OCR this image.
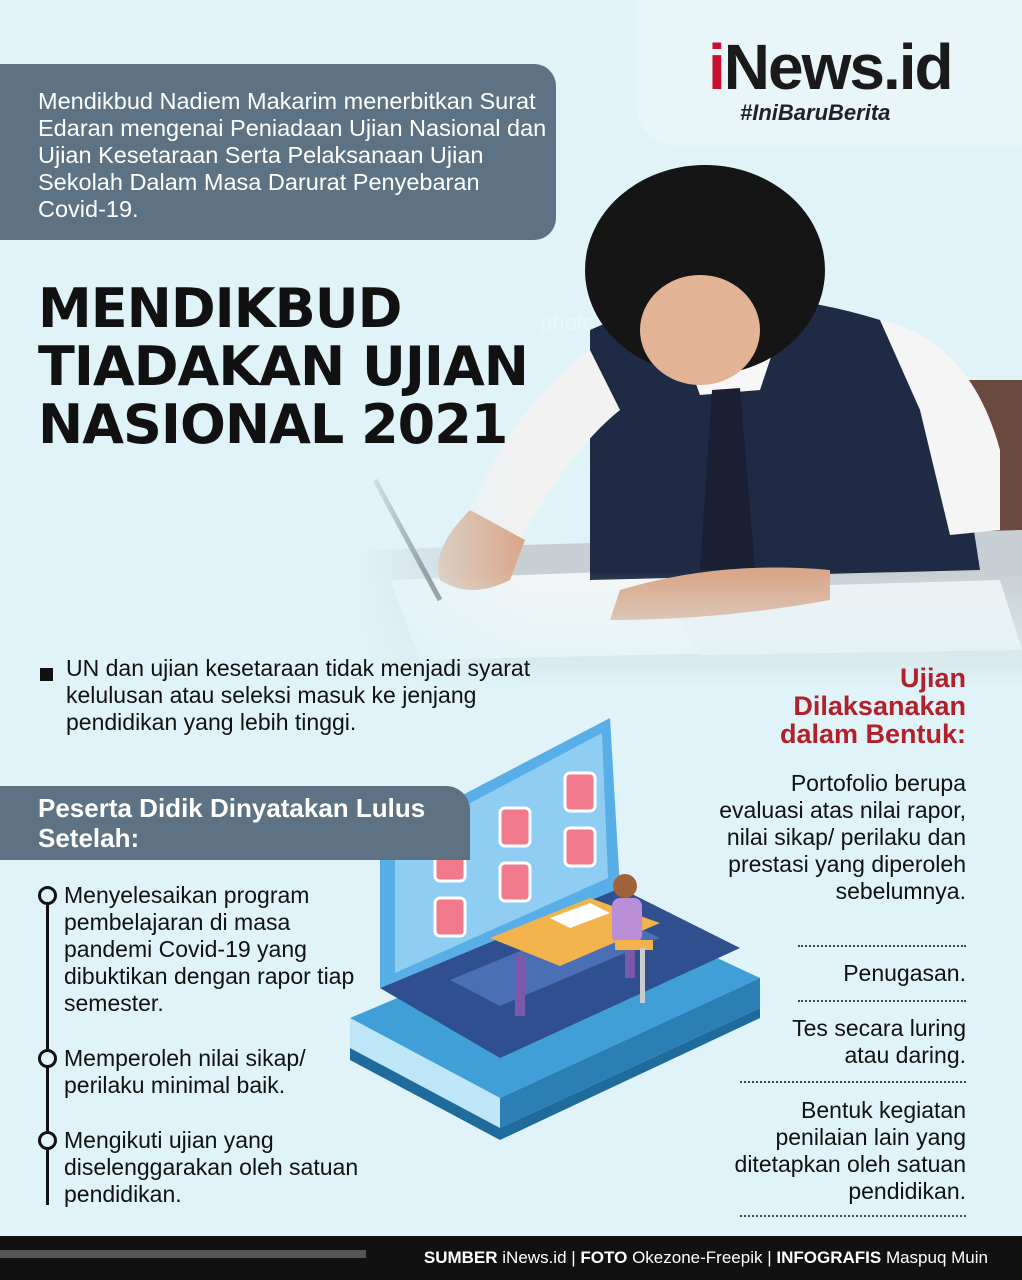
iNews.id
#IniBaruBerita
Mendikbud Nadiem Makarim menerbitkan Surat Edaran mengenai Peniadaan Ujian Nasional dan Ujian Kesetaraan Serta Pelaksanaan Ujian Sekolah Dalam Masa Darurat Penyebaran Covid-19.
MENDIKBUD
TIADAKAN UJIAN
NASIONAL 2021
UN dan ujian kesetaraan tidak menjadi syarat kelulusan atau seleksi masuk ke jenjang pendidikan yang lebih tinggi.
Peserta Didik Dinyatakan Lulus Setelah:
Menyelesaikan program pembelajaran di masa pandemi Covid-19 yang dibuktikan dengan rapor tiap semester.
Memperoleh nilai sikap/ perilaku minimal baik.
Mengikuti ujian yang diselenggarakan oleh satuan pendidikan.
Ujian Dilaksanakan dalam Bentuk:
Portofolio berupa evaluasi atas nilai rapor, nilai sikap/ perilaku dan prestasi yang diperoleh sebelumnya.
Penugasan.
Tes secara luring atau daring.
Bentuk kegiatan penilaian lain yang ditetapkan oleh satuan pendidikan.
SUMBER iNews.id | FOTO Okezone-Freepik | INFOGRAFIS Maspuq Muin
